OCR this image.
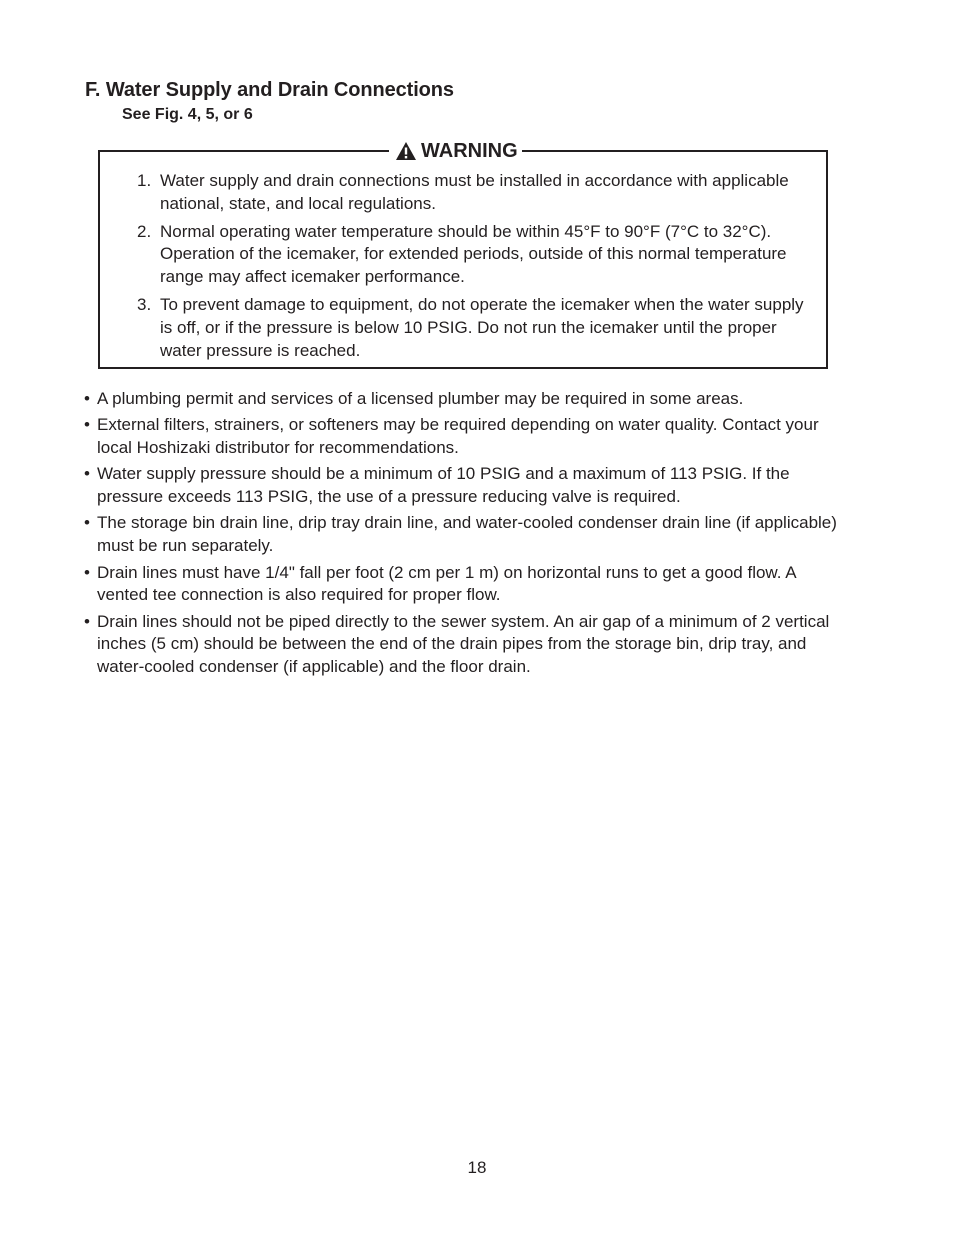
F. Water Supply and Drain Connections
See Fig. 4, 5, or 6
WARNING
1. Water supply and drain connections must be installed in accordance with applicable national, state, and local regulations.
2. Normal operating water temperature should be within 45°F to 90°F (7°C to 32°C). Operation of the icemaker, for extended periods, outside of this normal temperature range may affect icemaker performance.
3. To prevent damage to equipment, do not operate the icemaker when the water supply is off, or if the pressure is below 10 PSIG. Do not run the icemaker until the proper water pressure is reached.
• A plumbing permit and services of a licensed plumber may be required in some areas.
• External filters, strainers, or softeners may be required depending on water quality. Contact your local Hoshizaki distributor for recommendations.
• Water supply pressure should be a minimum of 10 PSIG and a maximum of 113 PSIG. If the pressure exceeds 113 PSIG, the use of a pressure reducing valve is required.
• The storage bin drain line, drip tray drain line, and water-cooled condenser drain line (if applicable) must be run separately.
• Drain lines must have 1/4" fall per foot (2 cm per 1 m) on horizontal runs to get a good flow. A vented tee connection is also required for proper flow.
• Drain lines should not be piped directly to the sewer system. An air gap of a minimum of 2 vertical inches (5 cm) should be between the end of the drain pipes from the storage bin, drip tray, and water-cooled condenser (if applicable) and the floor drain.
18
